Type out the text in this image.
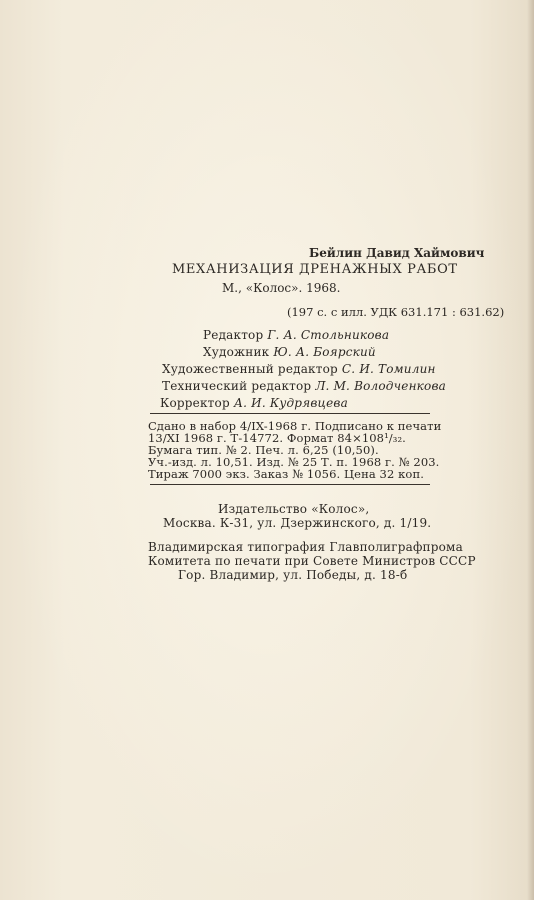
Бейлин Давид Хаймович
МЕХАНИЗАЦИЯ ДРЕНАЖНЫХ РАБОТ
М., «Колос». 1968.
(197 с. с илл. УДК 631.171 : 631.62)
Редактор Г. А. Стольникова
Художник Ю. А. Боярский
Художественный редактор С. И. Томилин
Технический редактор Л. М. Володченкова
Корректор А. И. Кудрявцева
Сдано в набор 4/IX-1968 г. Подписано к печати
13/XI 1968 г. Т-14772. Формат 84×108¹/₃₂.
Бумага тип. № 2. Печ. л. 6,25 (10,50).
Уч.-изд. л. 10,51. Изд. № 25 Т. п. 1968 г. № 203.
Тираж 7000 экз. Заказ № 1056. Цена 32 коп.
Издательство «Колос»,
Москва. К-31, ул. Дзержинского, д. 1/19.
Владимирская типография Главполиграфпрома
Комитета по печати при Совете Министров СССР
Гор. Владимир, ул. Победы, д. 18-б
